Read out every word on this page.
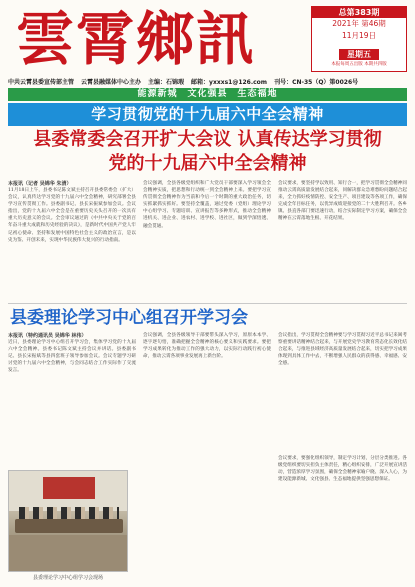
雲霄鄉訊	总第383期
2021年 第46期
11月19日
星期五
本报每周五出版 本期共四版
中共云霄县委宣传部主管 云霄县融媒体中心主办 主编：石锦瑕 邮箱：yxxxs1@126.com 刊号：CN-35（Q）第0026号
能源新城　文化强县　生态福地
学习贯彻党的十九届六中全会精神
县委常委会召开扩大会议 认真传达学习贯彻
党的十九届六中全会精神
本报讯（记者 吴锦华 朱清）
11月18日上午，县委书记陈文斌主持召开县委常委会（扩大）会议，认真传达学习党的十九届六中全会精神，研究部署全县学习宣传贯彻工作。县委副书记、县长宋振斌参加会议。会议指出，党的十九届六中全会是在重要历史关头召开的一次具有重大历史意义的会议。全会审议通过的《中共中央关于党的百年奋斗重大成就和历史经验的决议》，是新时代中国共产党人牢记初心使命、坚持和发展中国特色社会主义的政治宣言，是以史为鉴、开创未来，实现中华民族伟大复兴的行动指南。
会议强调，全县各级党组织和广大党员干部要深入学习领会全会精神实质，把思想和行动统一到全会精神上来。要把学习宣传贯彻全会精神作为当前和今后一个时期的重大政治任务，切实抓紧抓实抓好。要坚持全覆盖，通过党委（党组）理论学习中心组学习、专题培训、宣讲报告等多种形式，推动全会精神进机关、进企业、进农村、进学校、进社区，做到学深悟透、融会贯通。
会议要求，要坚持学以致用、知行合一，把学习贯彻全会精神同推动云霄高质量发展结合起来，同解决群众急难愁盼问题结合起来，全力抓好疫情防控、安全生产、项目建设等各项工作，确保完成全年目标任务，以优异成绩迎接党的二十大胜利召开。各乡镇、县直各部门要迅速行动，结合实际制定学习方案，确保全会精神在云霄落地生根、开花结果。
县委理论学习中心组召开学习会
本报讯（特约通讯员 吴锦华 林伟）
近日，县委理论学习中心组召开学习会，集体学习党的十九届六中全会精神。县委书记陈文斌主持会议并讲话。县委副书记、县长宋振斌等县四套班子领导参加会议。会议专题学习研讨党的十九届六中全会精神，与会同志结合工作实际作了交流发言。
会议强调，全县各级领导干部要带头深入学习，原原本本学、逐字逐句悟，准确把握全会精神的核心要义和实践要求。要把学习成果转化为推动工作的强大动力，以实际行动践行初心使命，推动云霄各项事业发展再上新台阶。
会议指出，学习贯彻全会精神要与学习贯彻习近平总书记来闽考察重要讲话精神结合起来，与开展党史学习教育常态化长效化结合起来，与推进县域经济高质量发展结合起来，切实把学习成果体现到具体工作中去，不断增强人民群众的获得感、幸福感、安全感。
会议要求，要强化组织领导，制定学习计划，分层分类推进。各级党组织要切实担负主体责任，精心组织安排，广泛开展宣讲活动，营造浓厚学习氛围，确保全会精神家喻户晓、深入人心，为建设能源新城、文化强县、生态福地提供坚强思想保证。
县委理论学习中心组学习会现场
